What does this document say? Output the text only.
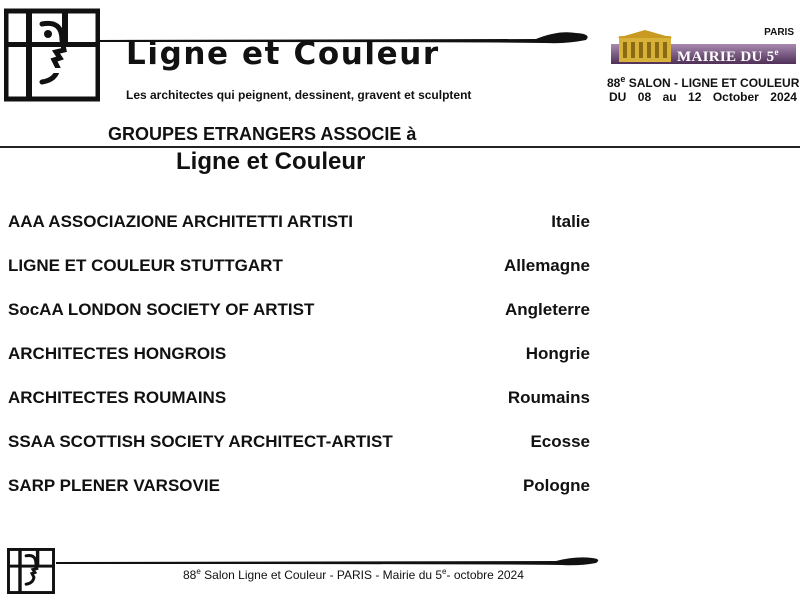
Ligne et Couleur
Les architectes qui peignent, dessinent, gravent et sculptent
PARIS
MAIRIE DU 5e
88e SALON - LIGNE ET COULEUR
DU 08 au 12 October 2024
GROUPES ETRANGERS ASSOCIE à
Ligne et Couleur
AAA ASSOCIAZIONE ARCHITETTI ARTISTI	Italie
LIGNE ET COULEUR STUTTGART	Allemagne
SocAA LONDON SOCIETY OF ARTIST	Angleterre
ARCHITECTES HONGROIS	Hongrie
ARCHITECTES ROUMAINS	Roumains
SSAA SCOTTISH SOCIETY ARCHITECT-ARTIST	Ecosse
SARP PLENER VARSOVIE	Pologne
88e Salon Ligne et Couleur - PARIS - Mairie du 5e- octobre 2024
